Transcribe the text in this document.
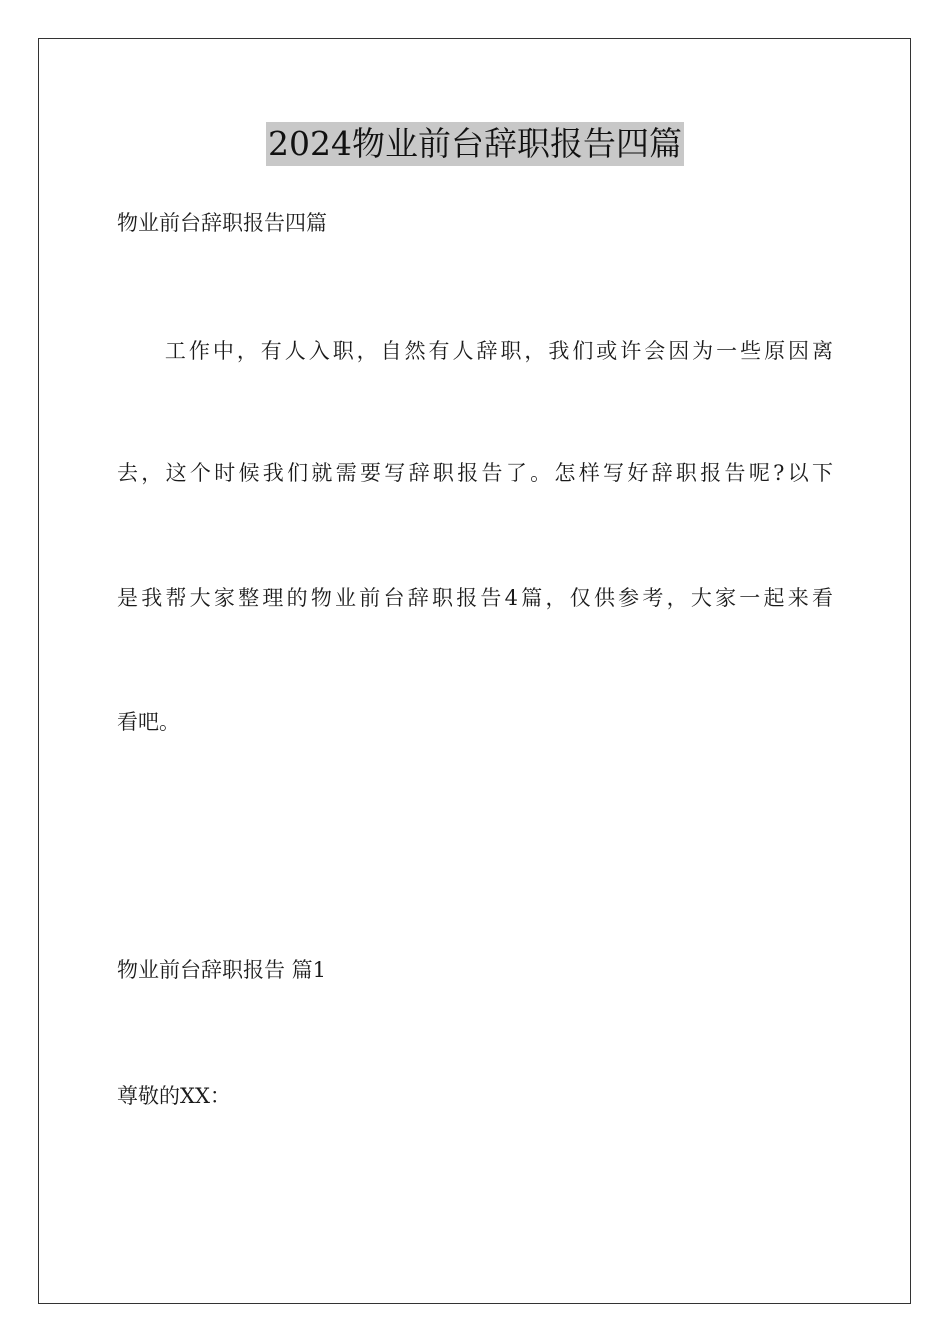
2024物业前台辞职报告四篇
物业前台辞职报告四篇
　　工作中，有人入职，自然有人辞职，我们或许会因为一些原因离
去，这个时候我们就需要写辞职报告了。怎样写好辞职报告呢?以下
是我帮大家整理的物业前台辞职报告4篇，仅供参考，大家一起来看
看吧。
物业前台辞职报告 篇1
尊敬的XX：
